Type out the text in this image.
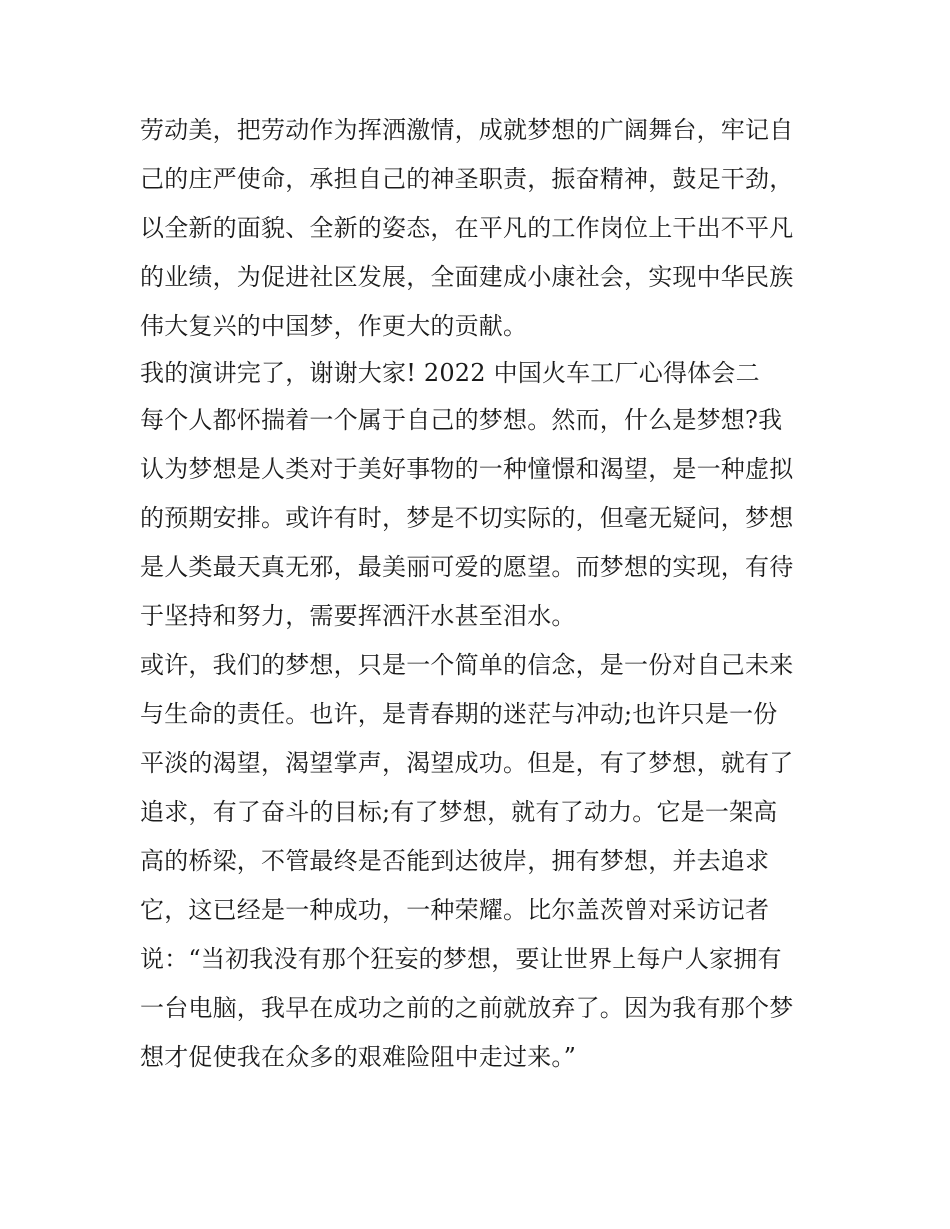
劳动美，把劳动作为挥洒激情，成就梦想的广阔舞台，牢记自
己的庄严使命，承担自己的神圣职责，振奋精神，鼓足干劲，
以全新的面貌、全新的姿态，在平凡的工作岗位上干出不平凡
的业绩，为促进社区发展，全面建成小康社会，实现中华民族
伟大复兴的中国梦，作更大的贡献。
我的演讲完了，谢谢大家! 2022 中国火车工厂心得体会二
每个人都怀揣着一个属于自己的梦想。然而，什么是梦想?我
认为梦想是人类对于美好事物的一种憧憬和渴望，是一种虚拟
的预期安排。或许有时，梦是不切实际的，但毫无疑问，梦想
是人类最天真无邪，最美丽可爱的愿望。而梦想的实现，有待
于坚持和努力，需要挥洒汗水甚至泪水。
或许，我们的梦想，只是一个简单的信念，是一份对自己未来
与生命的责任。也许，是青春期的迷茫与冲动;也许只是一份
平淡的渴望，渴望掌声，渴望成功。但是，有了梦想，就有了
追求，有了奋斗的目标;有了梦想，就有了动力。它是一架高
高的桥梁，不管最终是否能到达彼岸，拥有梦想，并去追求
它，这已经是一种成功，一种荣耀。比尔盖茨曾对采访记者
说：“当初我没有那个狂妄的梦想，要让世界上每户人家拥有
一台电脑，我早在成功之前的之前就放弃了。因为我有那个梦
想才促使我在众多的艰难险阻中走过来。”
